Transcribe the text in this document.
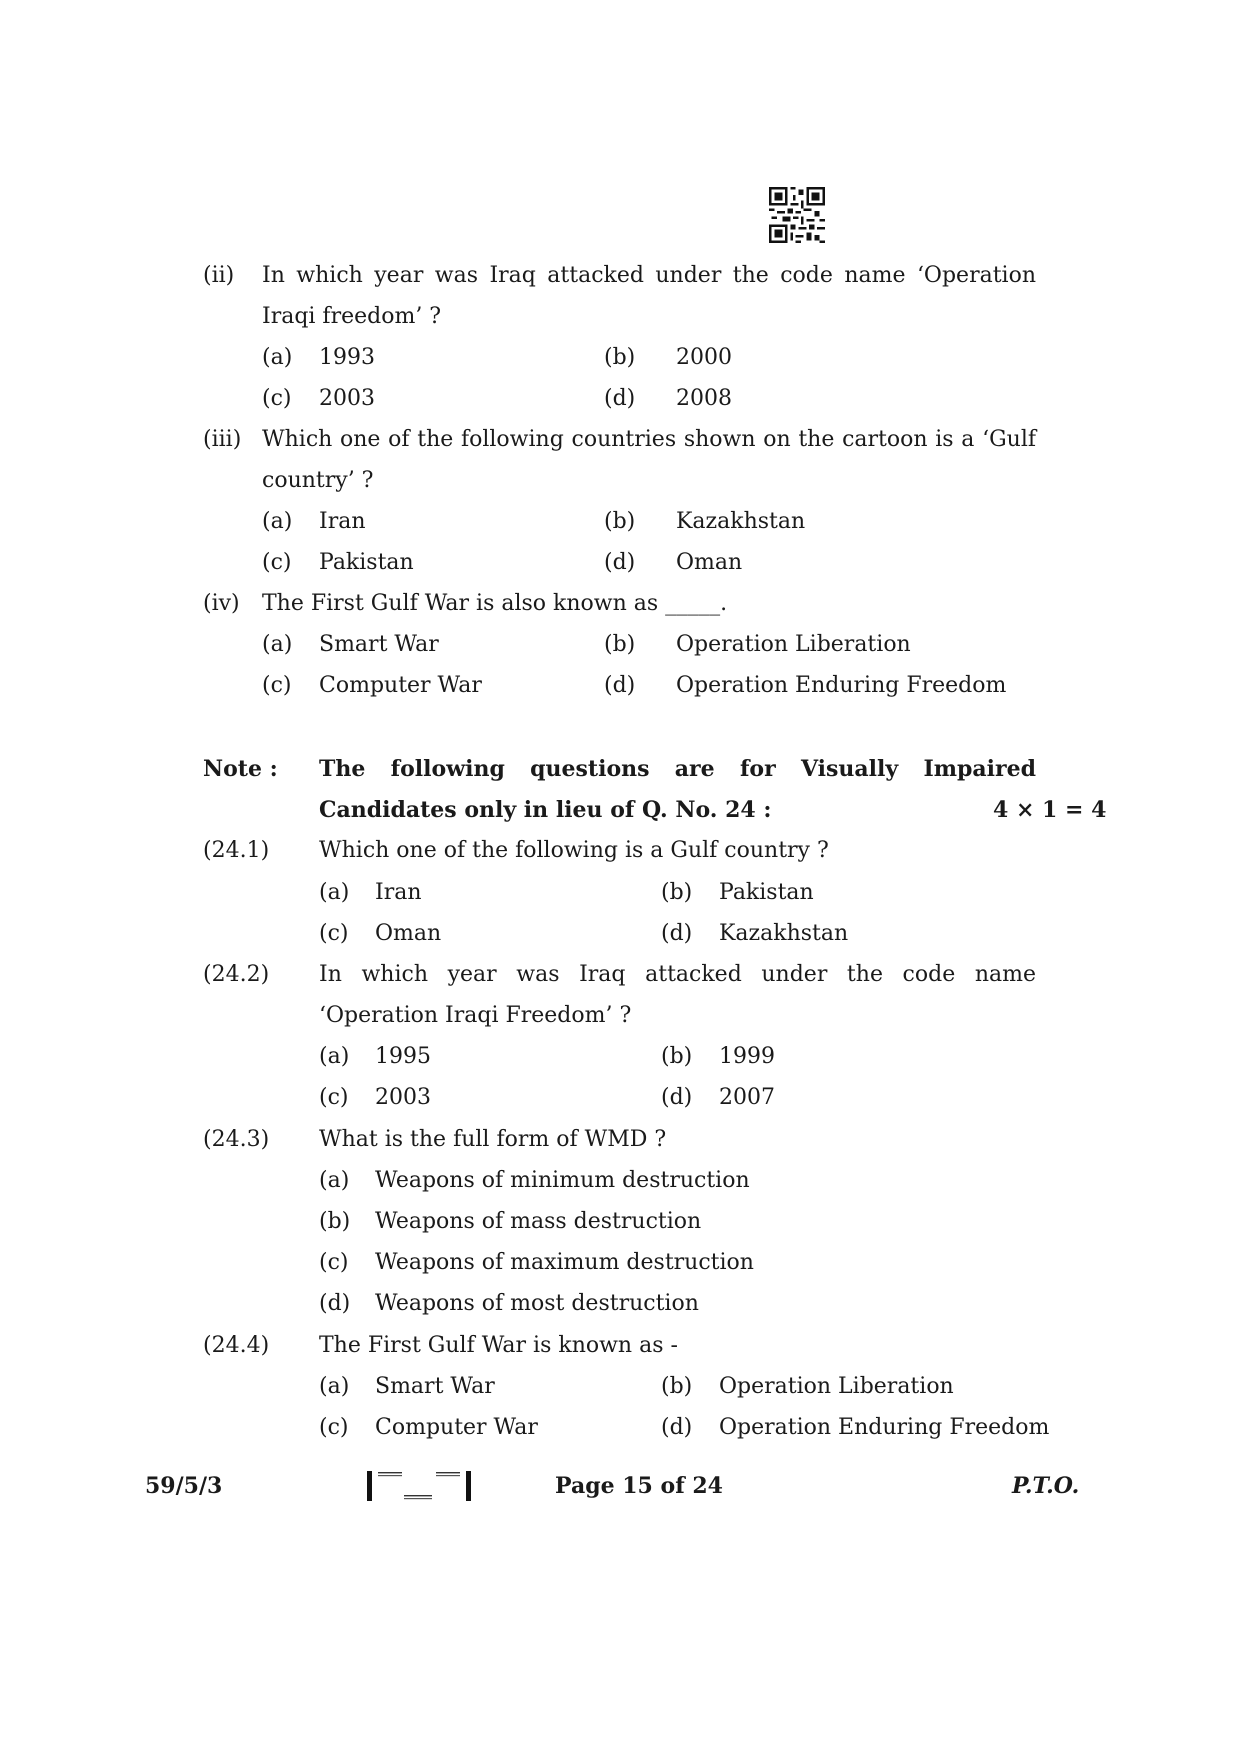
(ii) In which year was Iraq attacked under the code name ‘Operation
Iraqi freedom’ ?
(a) 1993	(b) 2000
(c) 2003	(d) 2008
(iii) Which one of the following countries shown on the cartoon is a ‘Gulf
country’ ?
(a) Iran	(b) Kazakhstan
(c) Pakistan	(d) Oman
(iv) The First Gulf War is also known as _____.
(a) Smart War	(b) Operation Liberation
(c) Computer War	(d) Operation Enduring Freedom
Note : The following questions are for Visually Impaired
Candidates only in lieu of Q. No. 24 :	4 × 1 = 4
(24.1) Which one of the following is a Gulf country ?
(a) Iran	(b) Pakistan
(c) Oman	(d) Kazakhstan
(24.2) In which year was Iraq attacked under the code name
‘Operation Iraqi Freedom’ ?
(a) 1995	(b) 1999
(c) 2003	(d) 2007
(24.3) What is the full form of WMD ?
(a) Weapons of minimum destruction
(b) Weapons of mass destruction
(c) Weapons of maximum destruction
(d) Weapons of most destruction
(24.4) The First Gulf War is known as -
(a) Smart War	(b) Operation Liberation
(c) Computer War	(d) Operation Enduring Freedom
59/5/3	Page 15 of 24	P.T.O.
